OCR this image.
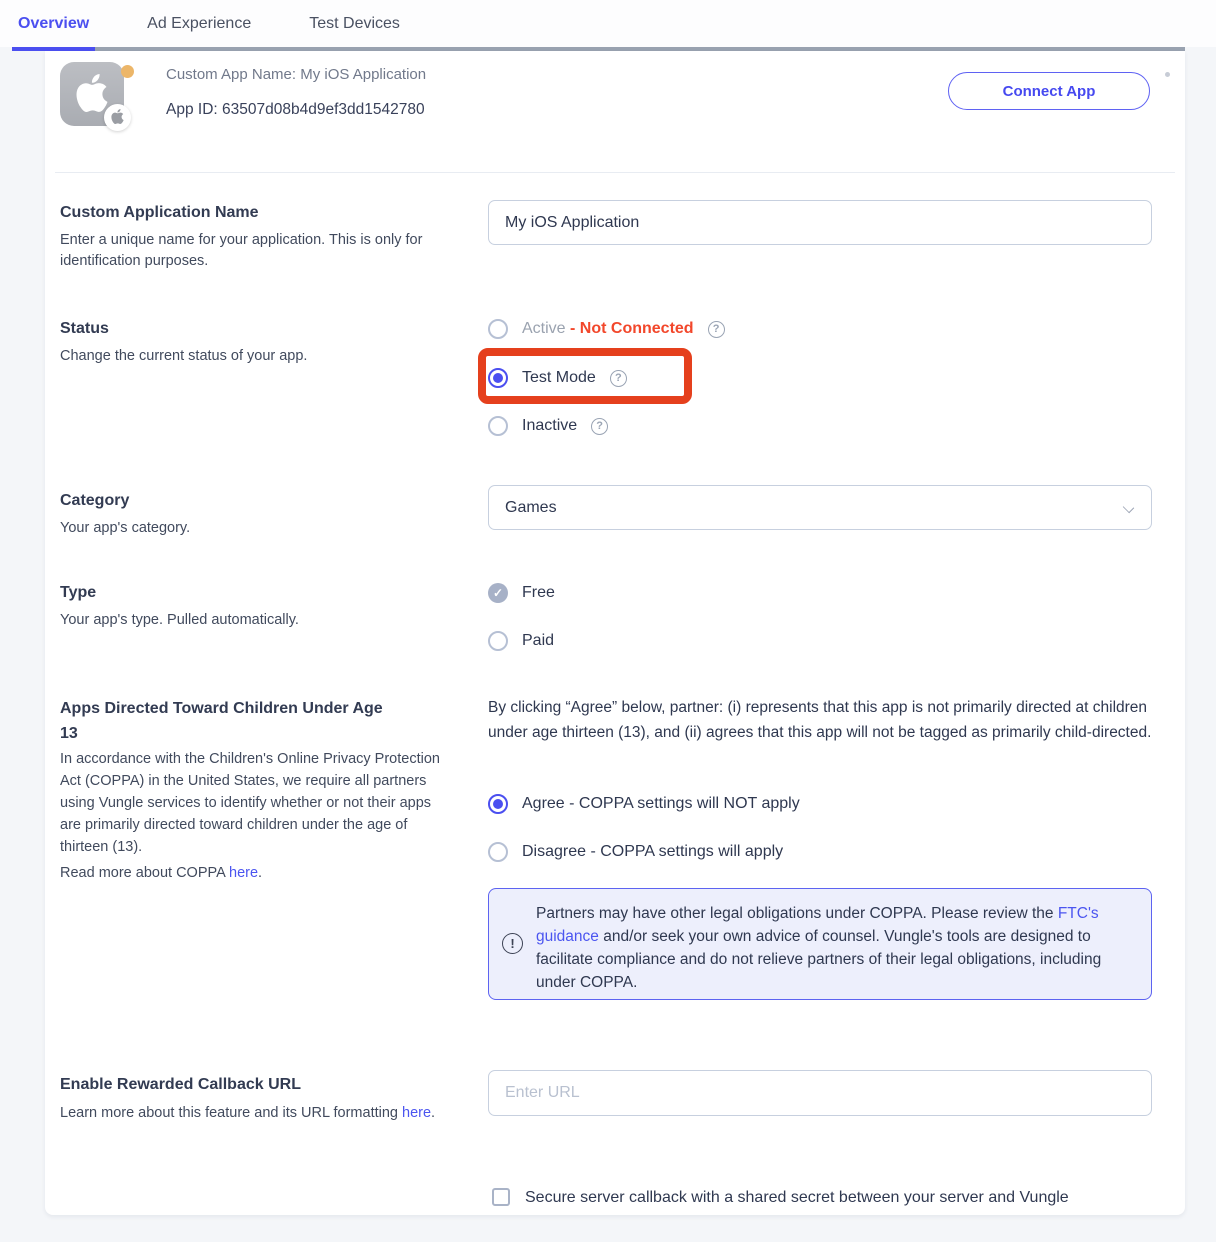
Overview	Ad Experience	Test Devices
Custom App Name: My iOS Application
App ID: 63507d08b4d9ef3dd1542780
Connect App
Custom Application Name
Enter a unique name for your application. This is only for identification purposes.
My iOS Application
Status
Change the current status of your app.
Active - Not Connected	?
Test Mode	?
Inactive	?
Category
Your app's category.
Games
Type
Your app's type. Pulled automatically.
✓	Free
Paid
Apps Directed Toward Children Under Age 13
In accordance with the Children's Online Privacy Protection Act (COPPA) in the United States, we require all partners using Vungle services to identify whether or not their apps are primarily directed toward children under the age of thirteen (13).
Read more about COPPA here.
By clicking “Agree” below, partner: (i) represents that this app is not primarily directed at children under age thirteen (13), and (ii) agrees that this app will not be tagged as primarily child-directed.
Agree - COPPA settings will NOT apply
Disagree - COPPA settings will apply
!
Partners may have other legal obligations under COPPA. Please review the FTC's guidance and/or seek your own advice of counsel. Vungle's tools are designed to facilitate compliance and do not relieve partners of their legal obligations, including under COPPA.
Enable Rewarded Callback URL
Learn more about this feature and its URL formatting here.
Enter URL
Secure server callback with a shared secret between your server and Vungle
